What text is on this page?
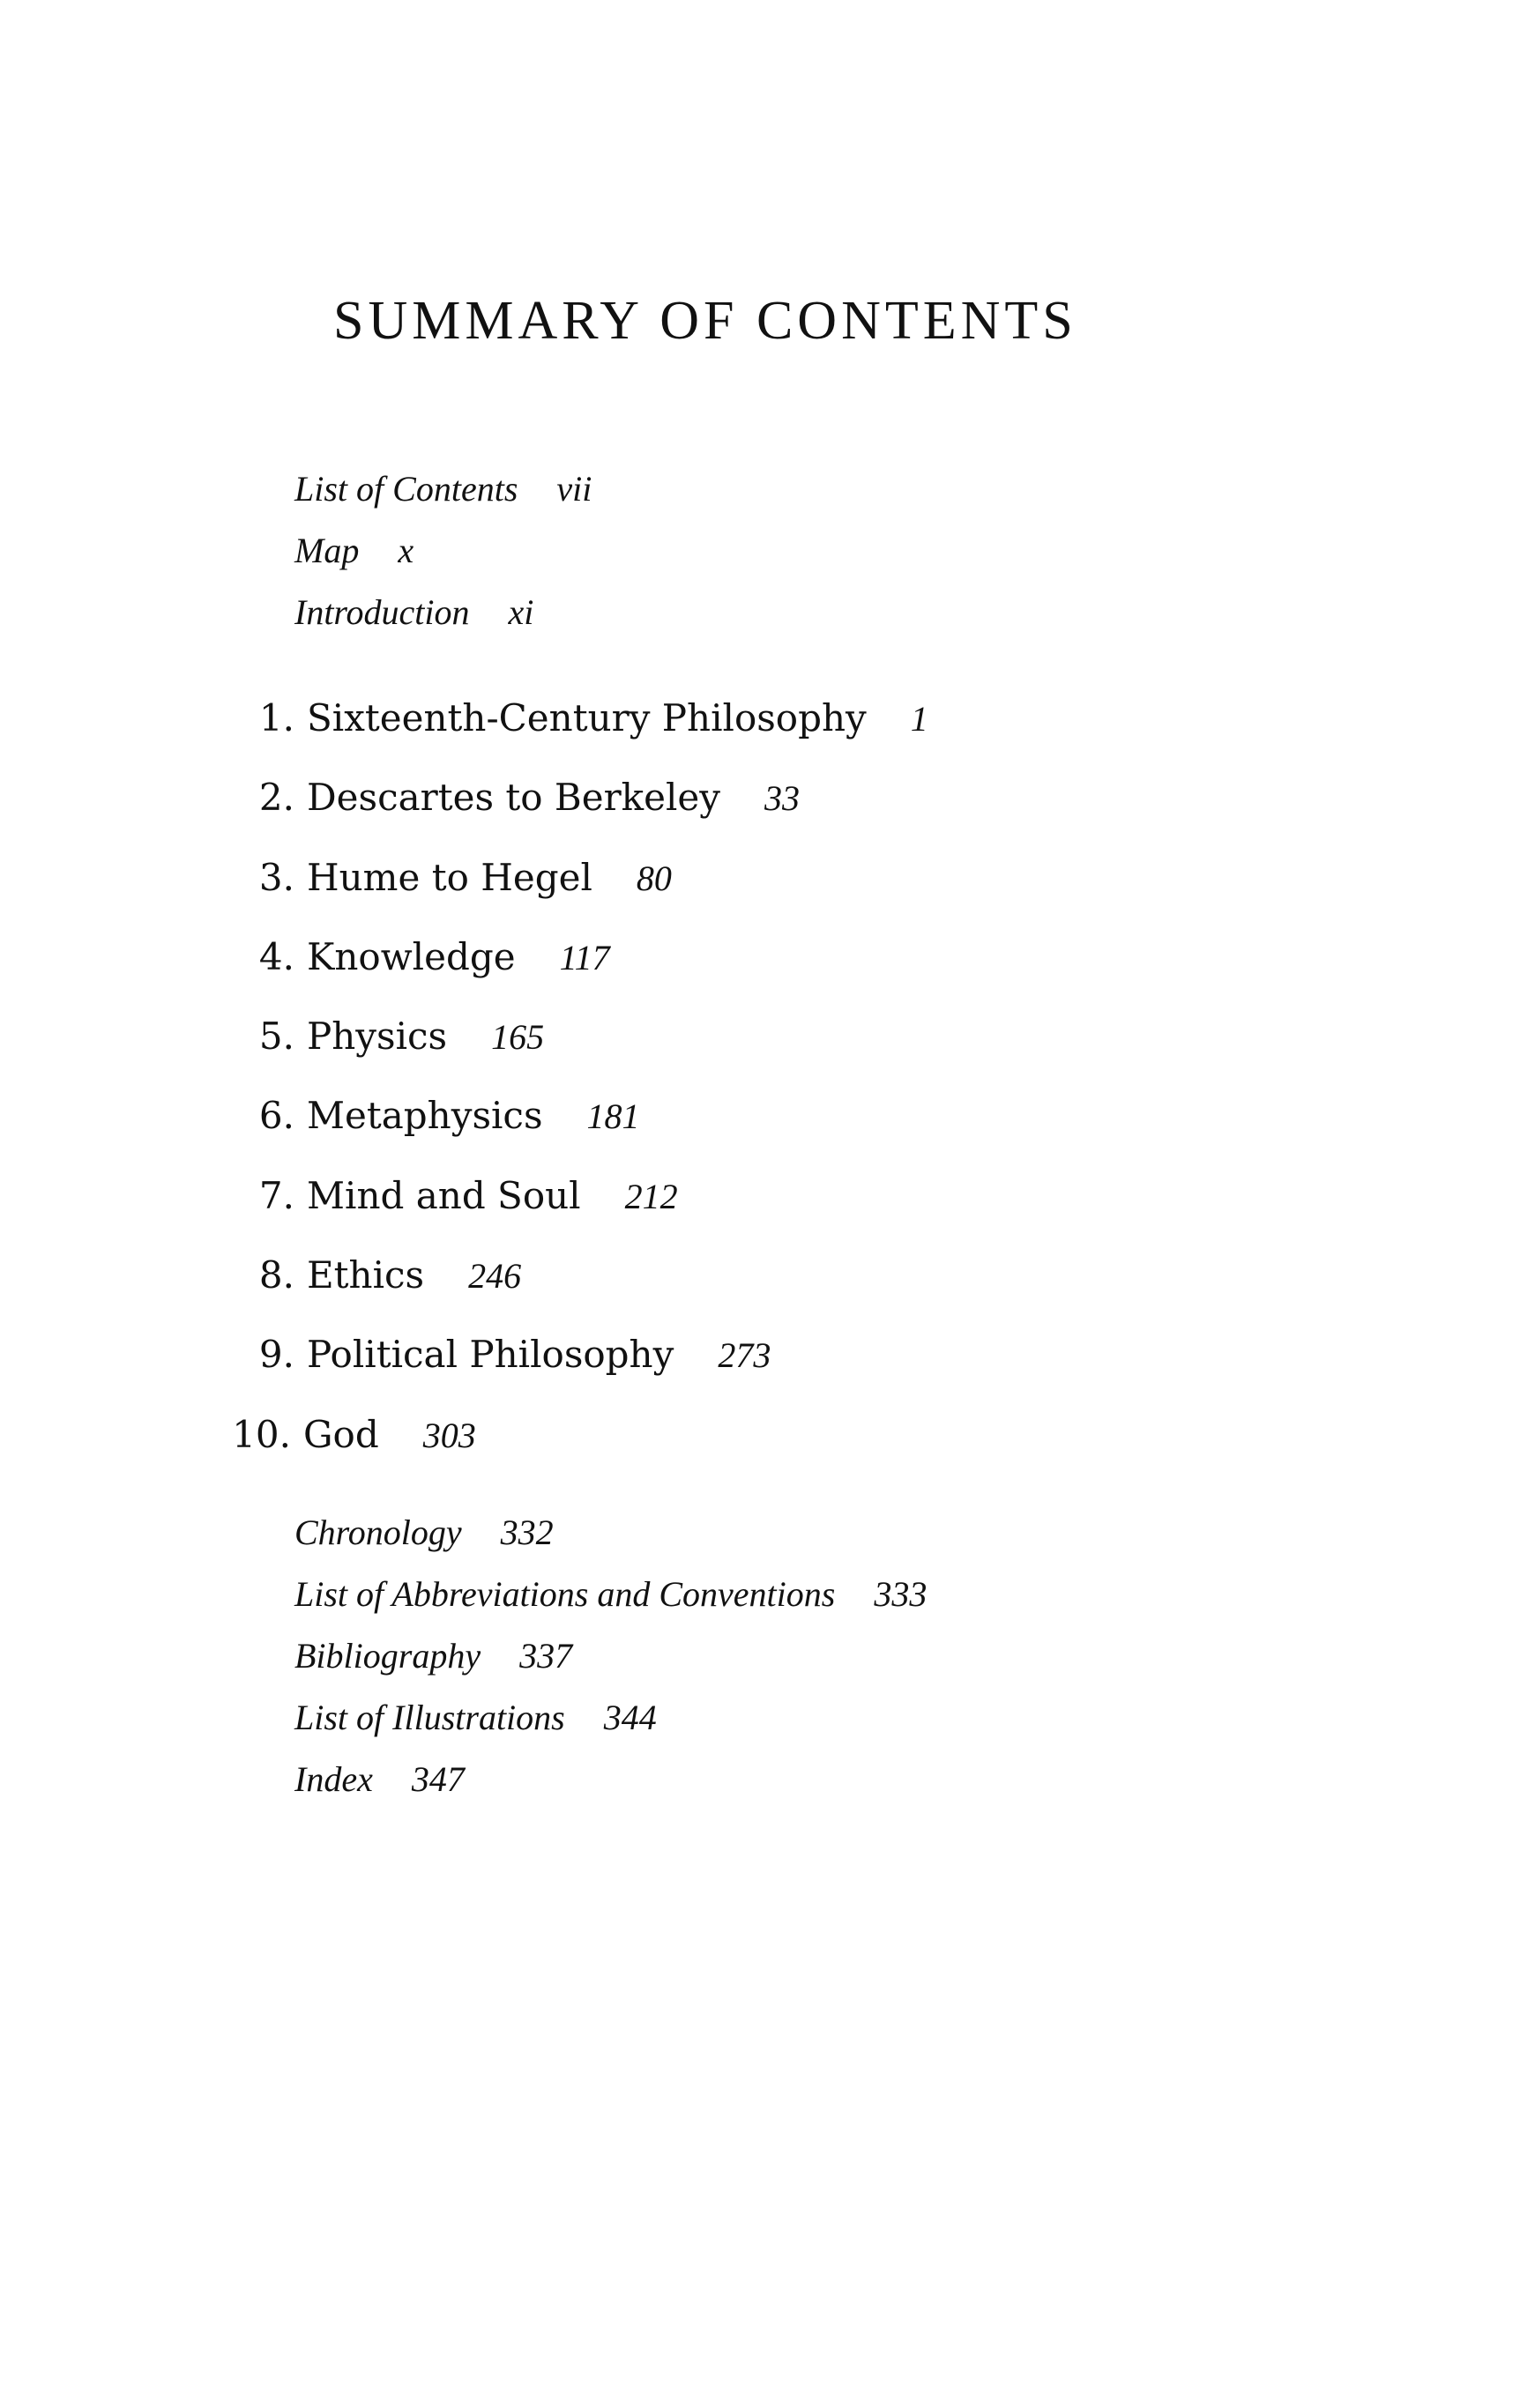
SUMMARY OF CONTENTS
List of Contents vii
Map x
Introduction xi
1. Sixteenth-Century Philosophy 1
2. Descartes to Berkeley 33
3. Hume to Hegel 80
4. Knowledge 117
5. Physics 165
6. Metaphysics 181
7. Mind and Soul 212
8. Ethics 246
9. Political Philosophy 273
10. God 303
Chronology 332
List of Abbreviations and Conventions 333
Bibliography 337
List of Illustrations 344
Index 347
